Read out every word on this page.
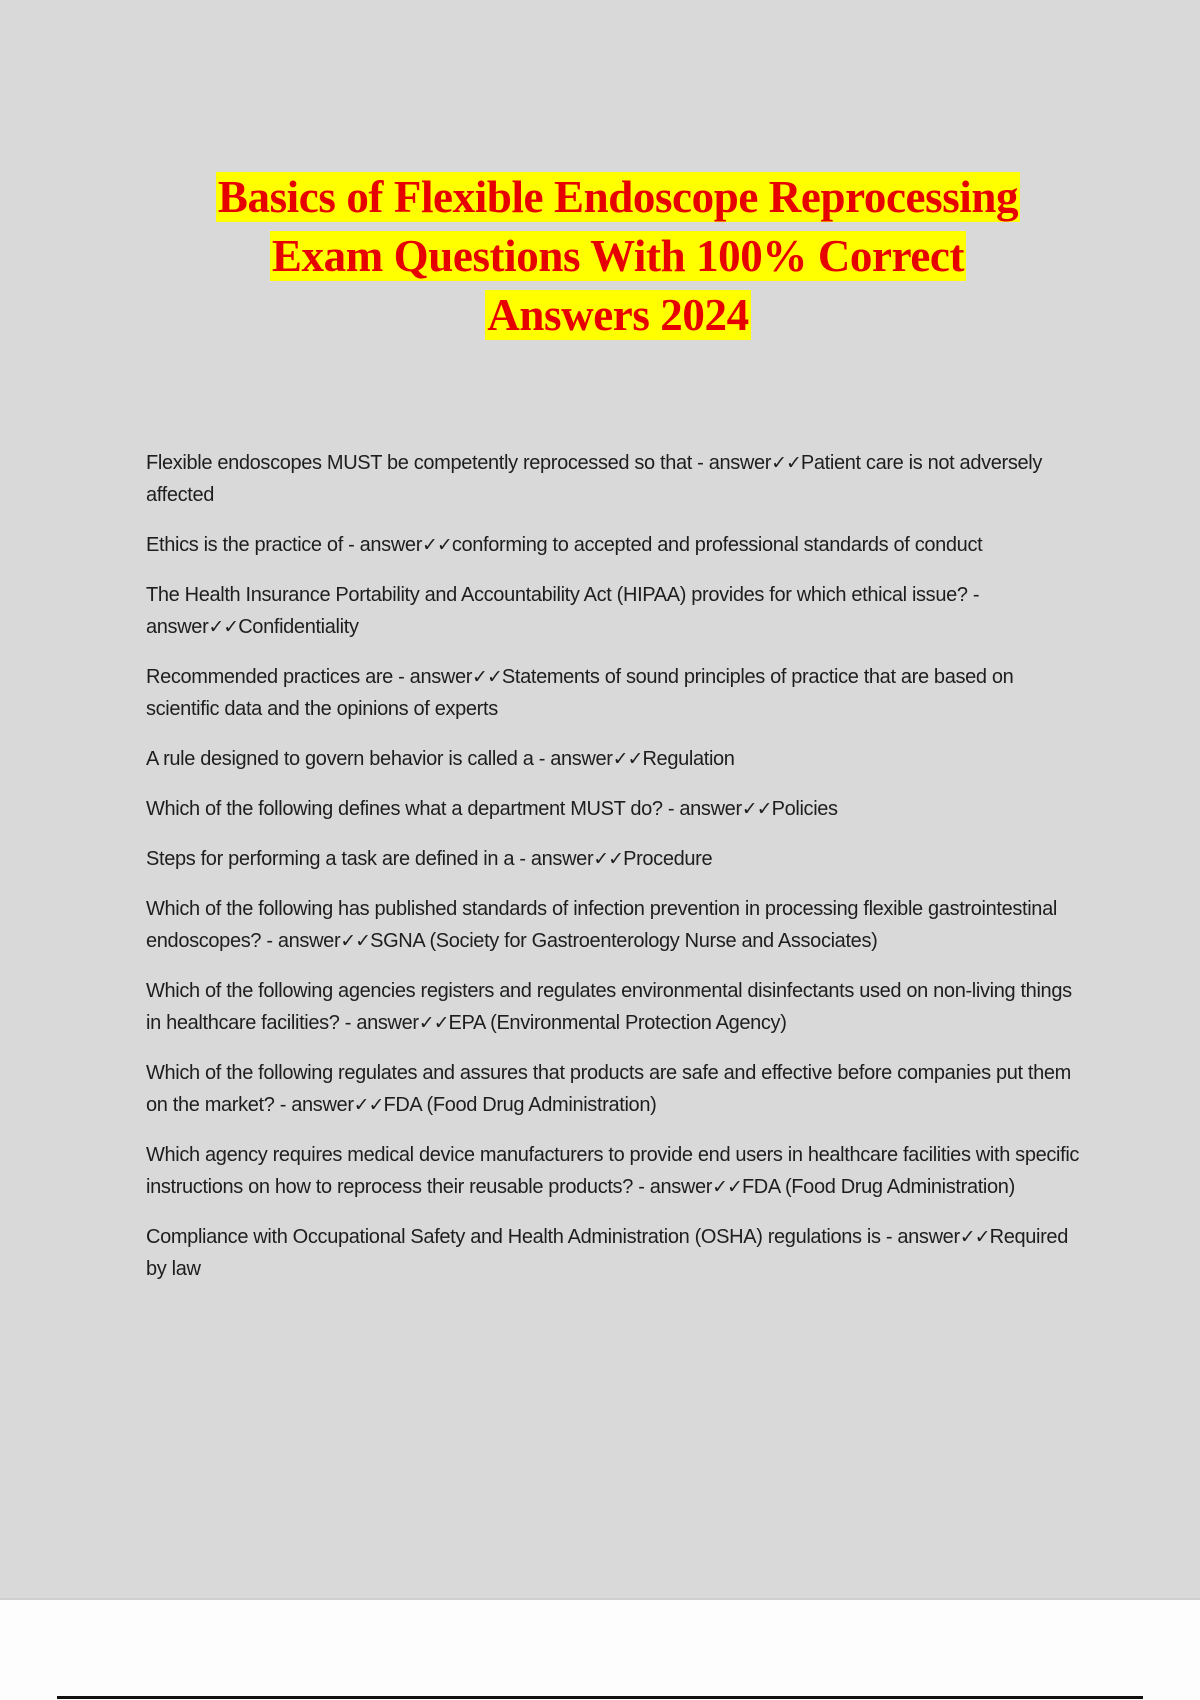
Basics of Flexible Endoscope Reprocessing
Exam Questions With 100% Correct
Answers 2024

Flexible endoscopes MUST be competently reprocessed so that - answer✓✓Patient care is not adversely affected

Ethics is the practice of - answer✓✓conforming to accepted and professional standards of conduct

The Health Insurance Portability and Accountability Act (HIPAA) provides for which ethical issue? - answer✓✓Confidentiality

Recommended practices are - answer✓✓Statements of sound principles of practice that are based on scientific data and the opinions of experts

A rule designed to govern behavior is called a - answer✓✓Regulation

Which of the following defines what a department MUST do? - answer✓✓Policies

Steps for performing a task are defined in a - answer✓✓Procedure

Which of the following has published standards of infection prevention in processing flexible gastrointestinal endoscopes? - answer✓✓SGNA (Society for Gastroenterology Nurse and Associates)

Which of the following agencies registers and regulates environmental disinfectants used on non-living things in healthcare facilities? - answer✓✓EPA (Environmental Protection Agency)

Which of the following regulates and assures that products are safe and effective before companies put them on the market? - answer✓✓FDA (Food Drug Administration)

Which agency requires medical device manufacturers to provide end users in healthcare facilities with specific instructions on how to reprocess their reusable products? - answer✓✓FDA (Food Drug Administration)

Compliance with Occupational Safety and Health Administration (OSHA) regulations is - answer✓✓Required by law
